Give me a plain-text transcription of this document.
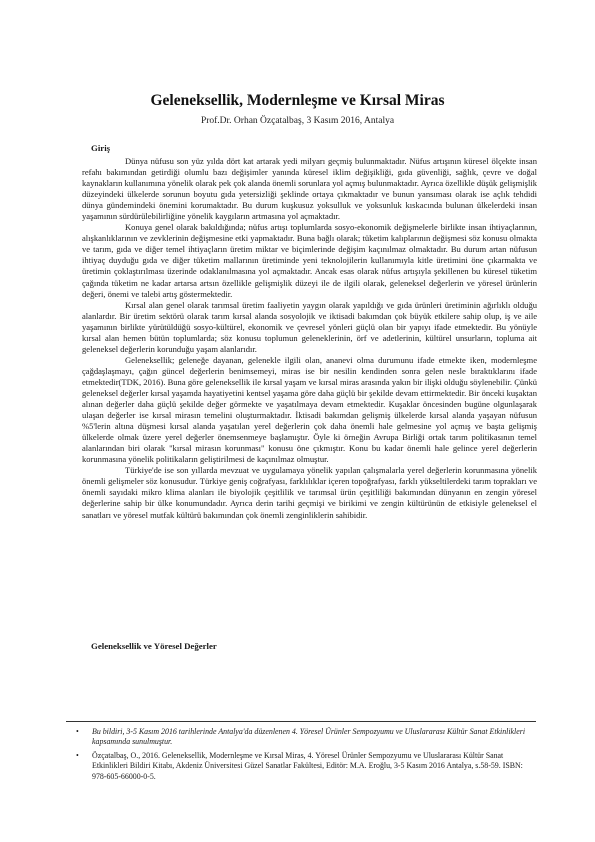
Geleneksellik, Modernleşme ve Kırsal Miras
Prof.Dr. Orhan Özçatalbaş, 3 Kasım 2016, Antalya
Giriş

Dünya nüfusu son yüz yılda dört kat artarak yedi milyarı geçmiş bulunmaktadır. Nüfus artışının küresel ölçekte insan refahı bakımından getirdiği olumlu bazı değişimler yanında küresel iklim değişikliği, gıda güvenliği, sağlık, çevre ve doğal kaynakların kullanımına yönelik olarak pek çok alanda önemli sorunlara yol açmış bulunmaktadır. Ayrıca özellikle düşük gelişmişlik düzeyindeki ülkelerde sorunun boyutu gıda yetersizliği şeklinde ortaya çıkmaktadır ve bunun yansıması olarak ise açlık tehdidi dünya gündemindeki önemini korumaktadır. Bu durum kuşkusuz yoksulluk ve yoksunluk kıskacında bulunan ülkelerdeki insan yaşamının sürdürülebilirliğine yönelik kaygıların artmasına yol açmaktadır.

Konuya genel olarak bakıldığında; nüfus artışı toplumlarda sosyo-ekonomik değişmelerle birlikte insan ihtiyaçlarının, alışkanlıklarının ve zevklerinin değişmesine etki yapmaktadır. Buna bağlı olarak; tüketim kalıplarının değişmesi söz konusu olmakta ve tarım, gıda ve diğer temel ihtiyaçların üretim miktar ve biçimlerinde değişim kaçınılmaz olmaktadır. Bu durum artan nüfusun ihtiyaç duyduğu gıda ve diğer tüketim mallarının üretiminde yeni teknolojilerin kullanımıyla kitle üretimini öne çıkarmakta ve üretimin çoklaştırılması üzerinde odaklanılmasına yol açmaktadır. Ancak esas olarak nüfus artışıyla şekillenen bu küresel tüketim çağında tüketim ne kadar artarsa artsın özellikle gelişmişlik düzeyi ile de ilgili olarak, geleneksel değerlerin ve yöresel ürünlerin değeri, önemi ve talebi artış göstermektedir.

Kırsal alan genel olarak tarımsal üretim faaliyetin yaygın olarak yapıldığı ve gıda ürünleri üretiminin ağırlıklı olduğu alanlardır. Bir üretim sektörü olarak tarım kırsal alanda sosyolojik ve iktisadi bakımdan çok büyük etkilere sahip olup, iş ve aile yaşamının birlikte yürütüldüğü sosyo-kültürel, ekonomik ve çevresel yönleri güçlü olan bir yapıyı ifade etmektedir. Bu yönüyle kırsal alan hemen bütün toplumlarda; söz konusu toplumun geleneklerinin, örf ve adetlerinin, kültürel unsurların, topluma ait geleneksel değerlerin korunduğu yaşam alanlarıdır.

Geleneksellik; geleneğe dayanan, gelenekle ilgili olan, ananevi olma durumunu ifade etmekte iken, modernleşme çağdaşlaşmayı, çağın güncel değerlerin benimsemeyi, miras ise bir nesilin kendinden sonra gelen nesle bıraktıklarını ifade etmektedir(TDK, 2016). Buna göre geleneksellik ile kırsal yaşam ve kırsal miras arasında yakın bir ilişki olduğu söylenebilir. Çünkü geleneksel değerler kırsal yaşamda hayatiyetini kentsel yaşama göre daha güçlü bir şekilde devam ettirmektedir. Bir önceki kuşaktan alınan değerler daha güçlü şekilde değer görmekte ve yaşatılmaya devam etmektedir. Kuşaklar öncesinden bugüne olgunlaşarak ulaşan değerler ise kırsal mirasın temelini oluşturmaktadır. İktisadi bakımdan gelişmiş ülkelerde kırsal alanda yaşayan nüfusun %5'lerin altına düşmesi kırsal alanda yaşatılan yerel değerlerin çok daha önemli hale gelmesine yol açmış ve başta gelişmiş ülkelerde olmak üzere yerel değerler önemsenmeye başlamıştır. Öyle ki örneğin Avrupa Birliği ortak tarım politikasının temel alanlarından biri olarak "kırsal mirasın korunması" konusu öne çıkmıştır. Konu bu kadar önemli hale gelince yerel değerlerin korunmasına yönelik politikaların geliştirilmesi de kaçınılmaz olmuştur.

Türkiye'de ise son yıllarda mevzuat ve uygulamaya yönelik yapılan çalışmalarla yerel değerlerin korunmasına yönelik önemli gelişmeler söz konusudur. Türkiye geniş coğrafyası, farklılıklar içeren topoğrafyası, farklı yükseltilerdeki tarım toprakları ve önemli sayıdaki mikro klima alanları ile biyolojik çeşitlilik ve tarımsal ürün çeşitliliği bakımından dünyanın en zengin yöresel değerlerine sahip bir ülke konumundadır. Ayrıca derin tarihi geçmişi ve birikimi ve zengin kültürünün de etkisiyle geleneksel el sanatları ve yöresel mutfak kültürü bakımından çok önemli zenginliklerin sahibidir.

Geleneksellik ve Yöresel Değerler
• Bu bildiri, 3-5 Kasım 2016 tarihlerinde Antalya'da düzenlenen 4. Yöresel Ürünler Sempozyumu ve Uluslararası Kültür Sanat Etkinlikleri kapsamında sunulmuştur.
• Özçatalbaş, O., 2016. Geleneksellik, Modernleşme ve Kırsal Miras, 4. Yöresel Ürünler Sempozyumu ve Uluslararası Kültür Sanat Etkinlikleri Bildiri Kitabı, Akdeniz Üniversitesi Güzel Sanatlar Fakültesi, Editör: M.A. Eroğlu, 3-5 Kasım 2016 Antalya, s.58-59. ISBN: 978-605-66000-0-5.
